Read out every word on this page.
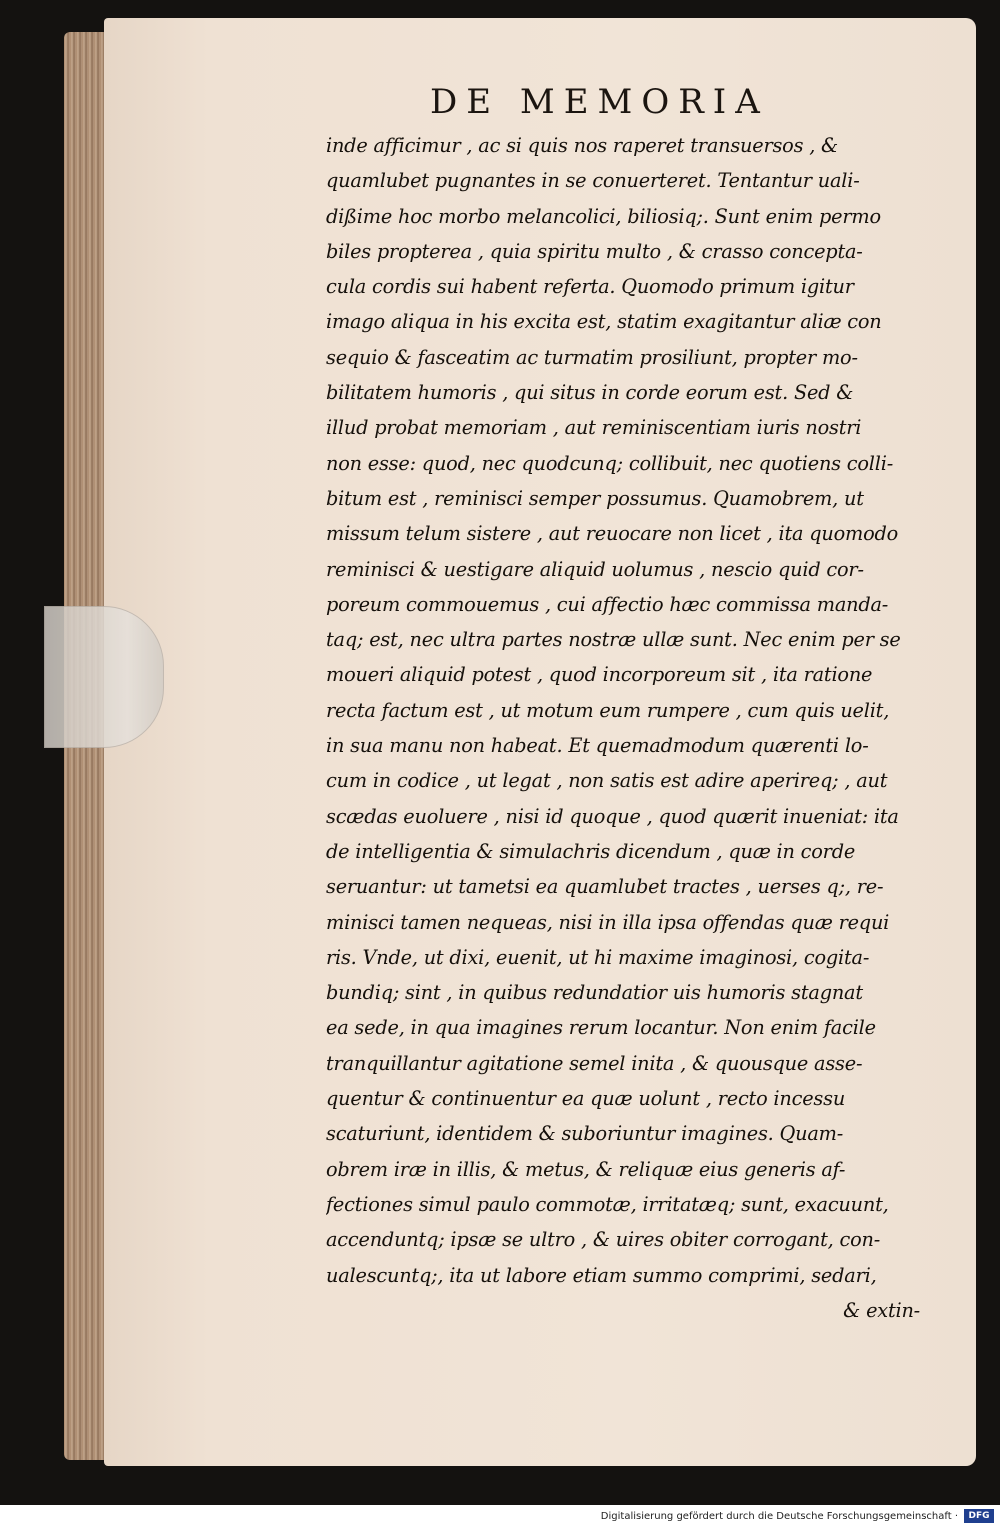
DE MEMORIA
inde afficimur , ac si quis nos raperet transuersos , &
quamlubet pugnantes in se conuerteret. Tentantur uali-
dißime hoc morbo melancolici, biliosiq;. Sunt enim permo
biles propterea , quia spiritu multo , & crasso concepta-
cula cordis sui habent referta. Quomodo primum igitur
imago aliqua in his excita est, statim exagitantur aliæ con
sequio & fasceatim ac turmatim prosiliunt, propter mo-
bilitatem humoris , qui situs in corde eorum est. Sed &
illud probat memoriam , aut reminiscentiam iuris nostri
non esse: quod, nec quodcunq; collibuit, nec quotiens colli-
bitum est , reminisci semper possumus. Quamobrem, ut
missum telum sistere , aut reuocare non licet , ita quomodo
reminisci & uestigare aliquid uolumus , nescio quid cor-
poreum commouemus , cui affectio hæc commissa manda-
taq; est, nec ultra partes nostræ ullæ sunt. Nec enim per se
moueri aliquid potest , quod incorporeum sit , ita ratione
recta factum est , ut motum eum rumpere , cum quis uelit,
in sua manu non habeat. Et quemadmodum quærenti lo-
cum in codice , ut legat , non satis est adire aperireq; , aut
scædas euoluere , nisi id quoque , quod quærit inueniat: ita
de intelligentia & simulachris dicendum , quæ in corde
seruantur: ut tametsi ea quamlubet tractes , uerses q;, re-
minisci tamen nequeas, nisi in illa ipsa offendas quæ requi
ris. Vnde, ut dixi, euenit, ut hi maxime imaginosi, cogita-
bundiq; sint , in quibus redundatior uis humoris stagnat
ea sede, in qua imagines rerum locantur. Non enim facile
tranquillantur agitatione semel inita , & quousque asse-
quentur & continuentur ea quæ uolunt , recto incessu
scaturiunt, identidem & suboriuntur imagines. Quam-
obrem iræ in illis, & metus, & reliquæ eius generis af-
fectiones simul paulo commotæ, irritatæq; sunt, exacuunt,
accenduntq; ipsæ se ultro , & uires obiter corrogant, con-
ualescuntq;, ita ut labore etiam summo comprimi, sedari,
& extin-
Digitalisierung gefördert durch die Deutsche Forschungsgemeinschaft ·	DFG
